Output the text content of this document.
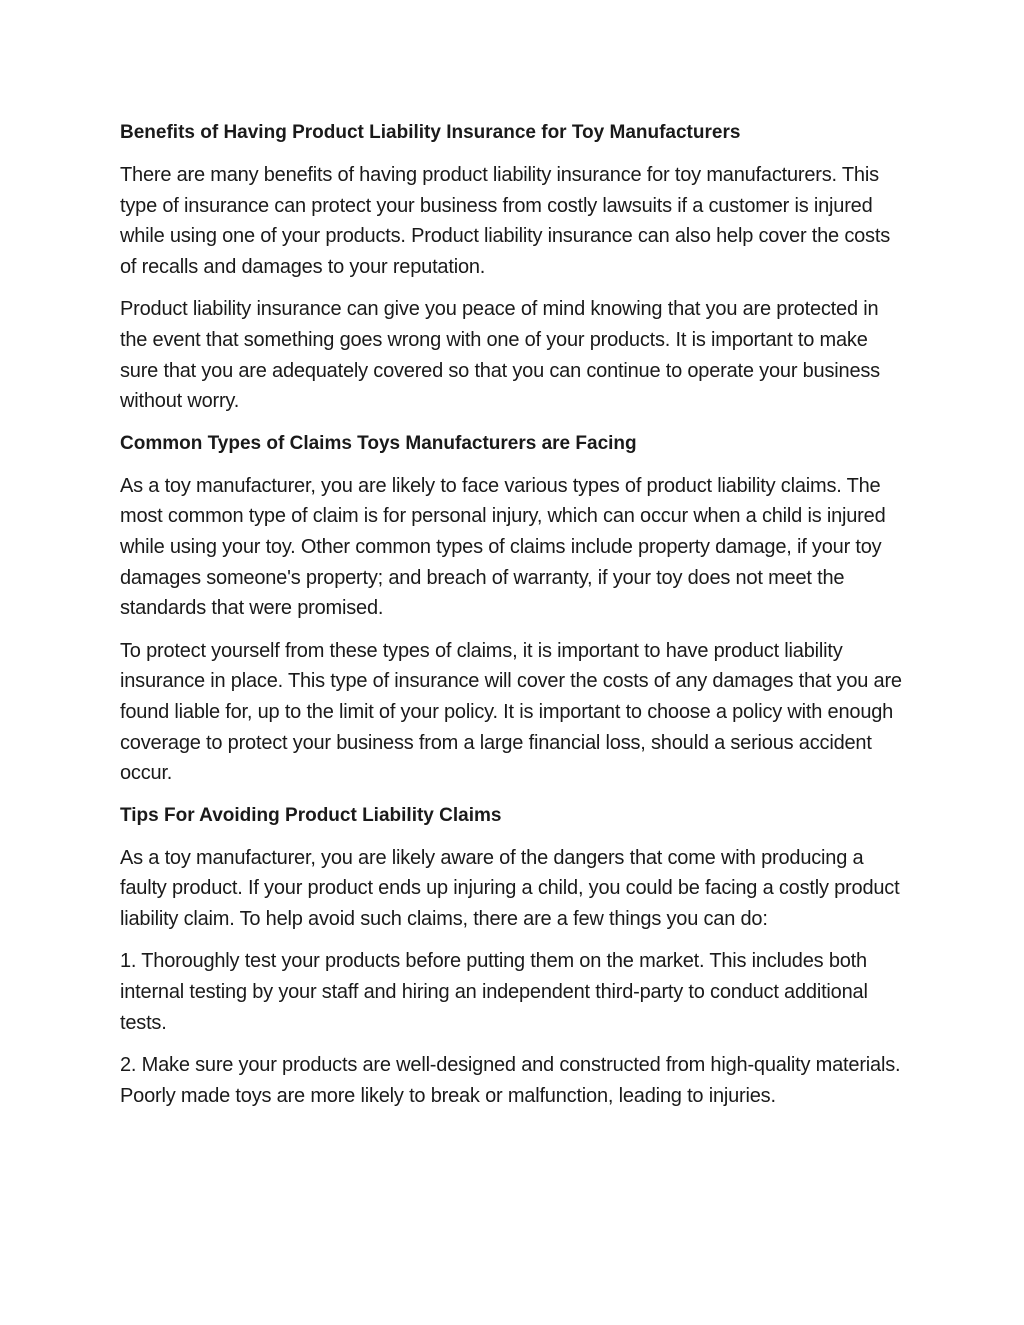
Benefits of Having Product Liability Insurance for Toy Manufacturers

There are many benefits of having product liability insurance for toy manufacturers. This type of insurance can protect your business from costly lawsuits if a customer is injured while using one of your products. Product liability insurance can also help cover the costs of recalls and damages to your reputation.

Product liability insurance can give you peace of mind knowing that you are protected in the event that something goes wrong with one of your products. It is important to make sure that you are adequately covered so that you can continue to operate your business without worry.

Common Types of Claims Toys Manufacturers are Facing

As a toy manufacturer, you are likely to face various types of product liability claims. The most common type of claim is for personal injury, which can occur when a child is injured while using your toy. Other common types of claims include property damage, if your toy damages someone's property; and breach of warranty, if your toy does not meet the standards that were promised.

To protect yourself from these types of claims, it is important to have product liability insurance in place. This type of insurance will cover the costs of any damages that you are found liable for, up to the limit of your policy. It is important to choose a policy with enough coverage to protect your business from a large financial loss, should a serious accident occur.

Tips For Avoiding Product Liability Claims

As a toy manufacturer, you are likely aware of the dangers that come with producing a faulty product. If your product ends up injuring a child, you could be facing a costly product liability claim. To help avoid such claims, there are a few things you can do:

1. Thoroughly test your products before putting them on the market. This includes both internal testing by your staff and hiring an independent third-party to conduct additional tests.

2. Make sure your products are well-designed and constructed from high-quality materials. Poorly made toys are more likely to break or malfunction, leading to injuries.
